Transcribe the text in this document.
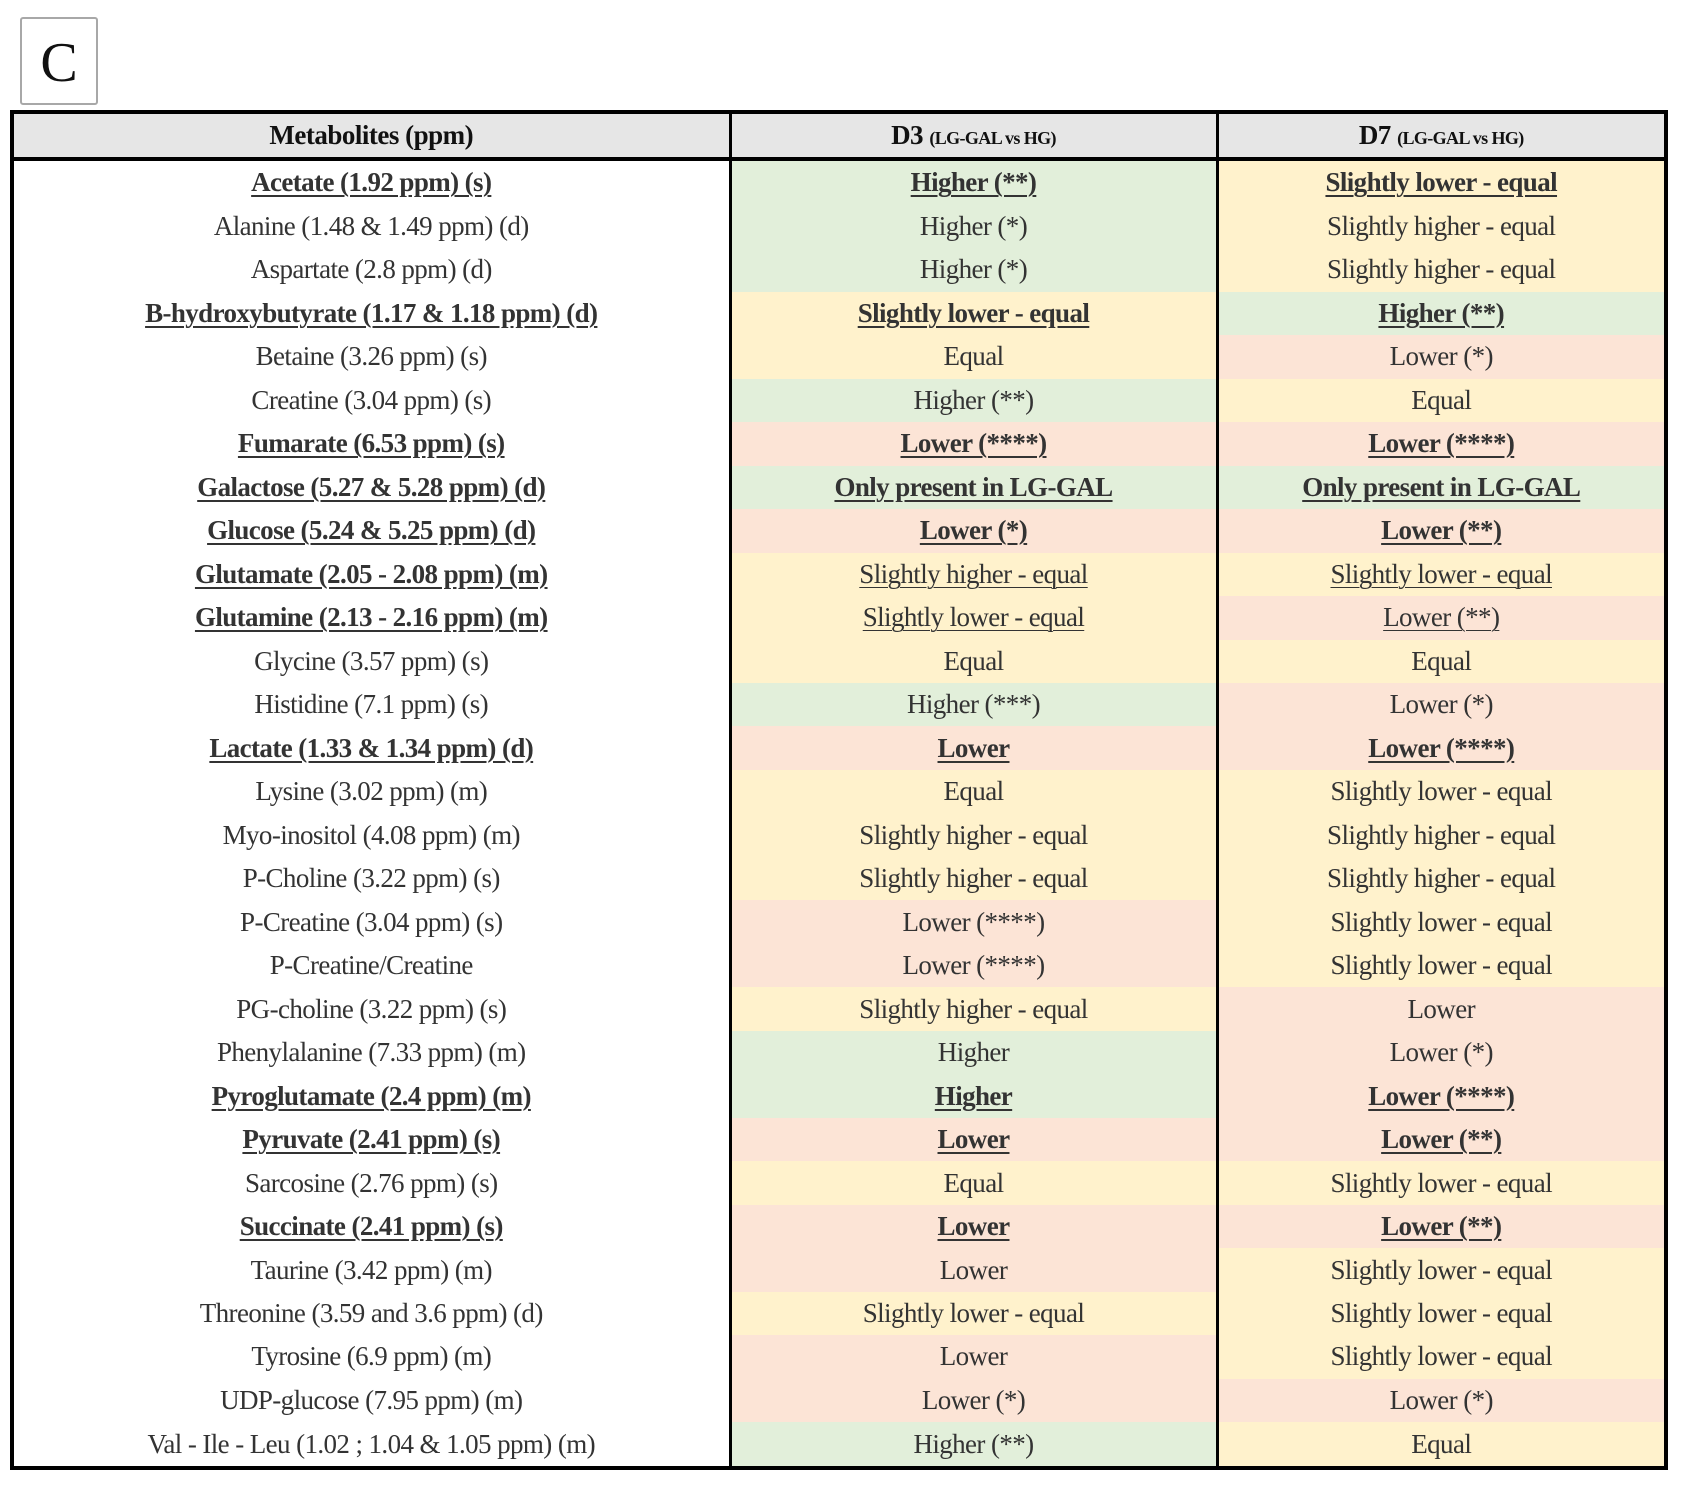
C
Metabolites (ppm)	D3 (LG-GAL vs HG)	D7 (LG-GAL vs HG)
Acetate (1.92 ppm) (s)	Higher (**)	Slightly lower - equal
Alanine (1.48 & 1.49 ppm) (d)	Higher (*)	Slightly higher - equal
Aspartate (2.8 ppm) (d)	Higher (*)	Slightly higher - equal
B-hydroxybutyrate (1.17 & 1.18 ppm) (d)	Slightly lower - equal	Higher (**)
Betaine (3.26 ppm) (s)	Equal	Lower (*)
Creatine (3.04 ppm) (s)	Higher (**)	Equal
Fumarate (6.53 ppm) (s)	Lower (****)	Lower (****)
Galactose (5.27 & 5.28 ppm) (d)	Only present in LG-GAL	Only present in LG-GAL
Glucose (5.24 & 5.25 ppm) (d)	Lower (*)	Lower (**)
Glutamate (2.05 - 2.08 ppm) (m)	Slightly higher - equal	Slightly lower - equal
Glutamine (2.13 - 2.16 ppm) (m)	Slightly lower - equal	Lower (**)
Glycine (3.57 ppm) (s)	Equal	Equal
Histidine (7.1 ppm) (s)	Higher (***)	Lower (*)
Lactate (1.33 & 1.34 ppm) (d)	Lower	Lower (****)
Lysine (3.02 ppm) (m)	Equal	Slightly lower - equal
Myo-inositol (4.08 ppm) (m)	Slightly higher - equal	Slightly higher - equal
P-Choline (3.22 ppm) (s)	Slightly higher - equal	Slightly higher - equal
P-Creatine (3.04 ppm) (s)	Lower (****)	Slightly lower - equal
P-Creatine/Creatine	Lower (****)	Slightly lower - equal
PG-choline (3.22 ppm) (s)	Slightly higher - equal	Lower
Phenylalanine (7.33 ppm) (m)	Higher	Lower (*)
Pyroglutamate (2.4 ppm) (m)	Higher	Lower (****)
Pyruvate (2.41 ppm) (s)	Lower	Lower (**)
Sarcosine (2.76 ppm) (s)	Equal	Slightly lower - equal
Succinate (2.41 ppm) (s)	Lower	Lower (**)
Taurine (3.42 ppm) (m)	Lower	Slightly lower - equal
Threonine (3.59 and 3.6 ppm) (d)	Slightly lower - equal	Slightly lower - equal
Tyrosine (6.9 ppm) (m)	Lower	Slightly lower - equal
UDP-glucose (7.95 ppm) (m)	Lower (*)	Lower (*)
Val - Ile - Leu (1.02 ; 1.04 & 1.05 ppm) (m)	Higher (**)	Equal
